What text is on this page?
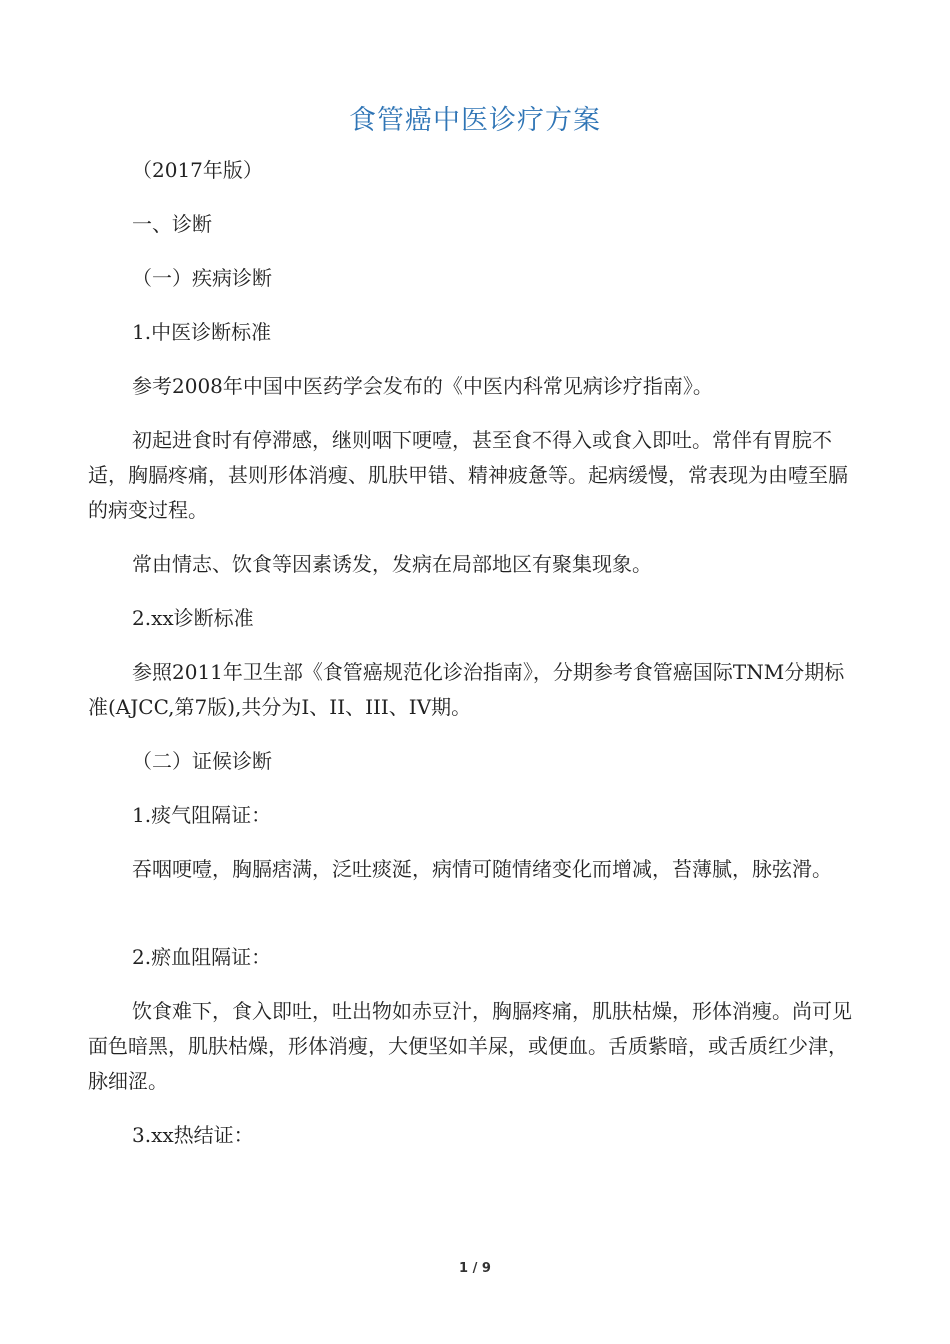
食管癌中医诊疗方案

（2017年版）

一、诊断

（一）疾病诊断

1.中医诊断标准

参考2008年中国中医药学会发布的《中医内科常见病诊疗指南》。

初起进食时有停滞感，继则咽下哽噎，甚至食不得入或食入即吐。常伴有胃脘不适，胸膈疼痛，甚则形体消瘦、肌肤甲错、精神疲惫等。起病缓慢，常表现为由噎至膈的病变过程。

常由情志、饮食等因素诱发，发病在局部地区有聚集现象。

2.xx诊断标准

参照2011年卫生部《食管癌规范化诊治指南》，分期参考食管癌国际TNM分期标准(AJCC,第7版),共分为I、II、III、IV期。

（二）证候诊断

1.痰气阻隔证：

吞咽哽噎，胸膈痞满，泛吐痰涎，病情可随情绪变化而增减，苔薄腻，脉弦滑。

2.瘀血阻隔证：

饮食难下，食入即吐，吐出物如赤豆汁，胸膈疼痛，肌肤枯燥，形体消瘦。尚可见面色暗黑，肌肤枯燥，形体消瘦，大便坚如羊屎，或便血。舌质紫暗，或舌质红少津，脉细涩。

3.xx热结证：

1 / 9
